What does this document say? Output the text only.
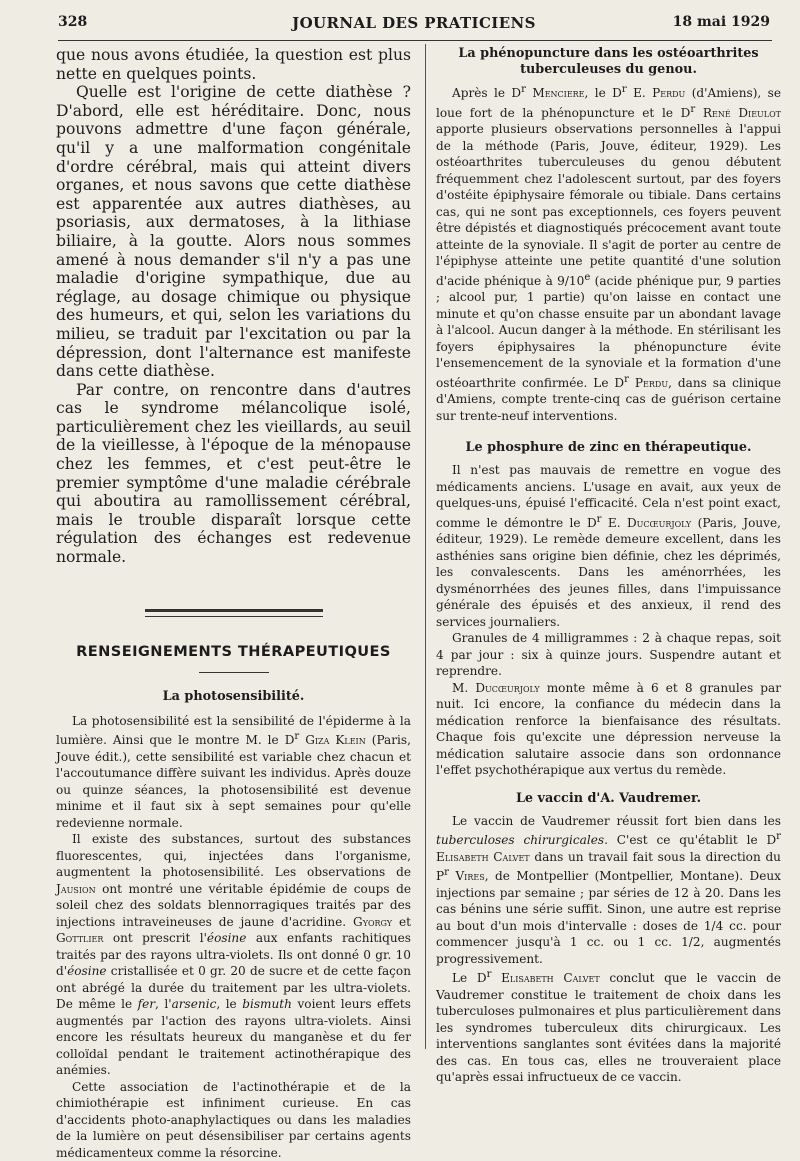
328	JOURNAL DES PRATICIENS	18 mai 1929

que nous avons étudiée, la question est plus nette en quelques points.

Quelle est l'origine de cette diathèse ? D'abord, elle est héréditaire. Donc, nous pouvons admettre d'une façon générale, qu'il y a une malformation congénitale d'ordre cérébral, mais qui atteint divers organes, et nous savons que cette diathèse est apparentée aux autres diathèses, au psoriasis, aux dermatoses, à la lithiase biliaire, à la goutte. Alors nous sommes amené à nous demander s'il n'y a pas une maladie d'origine sympathique, due au réglage, au dosage chimique ou physique des humeurs, et qui, selon les variations du milieu, se traduit par l'excitation ou par la dépression, dont l'alternance est manifeste dans cette diathèse.

Par contre, on rencontre dans d'autres cas le syndrome mélancolique isolé, particulièrement chez les vieillards, au seuil de la vieillesse, à l'époque de la ménopause chez les femmes, et c'est peut-être le premier symptôme d'une maladie cérébrale qui aboutira au ramollissement cérébral, mais le trouble disparaît lorsque cette régulation des échanges est redevenue normale.

RENSEIGNEMENTS THÉRAPEUTIQUES
La photosensibilité.

La photosensibilité est la sensibilité de l'épiderme à la lumière. Ainsi que le montre M. le $D^r$ Giza Klein (Paris, Jouve édit.), cette sensibilité est variable chez chacun et l'accoutumance diffère suivant les individus. Après douze ou quinze séances, la photosensibilité est devenue minime et il faut six à sept semaines pour qu'elle redevienne normale.

Il existe des substances, surtout des substances fluorescentes, qui, injectées dans l'organisme, augmentent la photosensibilité. Les observations de Jausion ont montré une véritable épidémie de coups de soleil chez des soldats blennorragiques traités par des injections intraveineuses de jaune d'acridine. Gyorgy et Gottlier ont prescrit l'éosine aux enfants rachitiques traités par des rayons ultra-violets. Ils ont donné 0 gr. 10 d'éosine cristallisée et 0 gr. 20 de sucre et de cette façon ont abrégé la durée du traitement par les ultra-violets. De même le fer, l'arsenic, le bismuth voient leurs effets augmentés par l'action des rayons ultra-violets. Ainsi encore les résultats heureux du manganèse et du fer colloïdal pendant le traitement actinothérapique des anémies.

Cette association de l'actinothérapie et de la chimiothérapie est infiniment curieuse. En cas d'accidents photo-anaphylactiques ou dans les maladies de la lumière on peut désensibiliser par certains agents médicamenteux comme la résorcine.

La phénopuncture dans les ostéoarthrites
tuberculeuses du genou.

Après le $D^r$ Menciere, le $D^r$ E. Perdu (d'Amiens), se loue fort de la phénopuncture et le $D^r$ René Dieulot apporte plusieurs observations personnelles à l'appui de la méthode (Paris, Jouve, éditeur, 1929). Les ostéoarthrites tuberculeuses du genou débutent fréquemment chez l'adolescent surtout, par des foyers d'ostéite épiphysaire fémorale ou tibiale. Dans certains cas, qui ne sont pas exceptionnels, ces foyers peuvent être dépistés et diagnostiqués précocement avant toute atteinte de la synoviale. Il s'agit de porter au centre de l'épiphyse atteinte une petite quantité d'une solution d'acide phénique à 9/10e (acide phénique pur, 9 parties ; alcool pur, 1 partie) qu'on laisse en contact une minute et qu'on chasse ensuite par un abondant lavage à l'alcool. Aucun danger à la méthode. En stérilisant les foyers épiphysaires la phénopuncture évite l'ensemencement de la synoviale et la formation d'une ostéoarthrite confirmée. Le $D^r$ Perdu, dans sa clinique d'Amiens, compte trente-cinq cas de guérison certaine sur trente-neuf interventions.

Le phosphure de zinc en thérapeutique.

Il n'est pas mauvais de remettre en vogue des médicaments anciens. L'usage en avait, aux yeux de quelques-uns, épuisé l'efficacité. Cela n'est point exact, comme le démontre le $D^r$ E. Ducœurjoly (Paris, Jouve, éditeur, 1929). Le remède demeure excellent, dans les asthénies sans origine bien définie, chez les déprimés, les convalescents. Dans les aménorrhées, les dysménorrhées des jeunes filles, dans l'impuissance générale des épuisés et des anxieux, il rend des services journaliers.

Granules de 4 milligrammes : 2 à chaque repas, soit 4 par jour : six à quinze jours. Suspendre autant et reprendre.

M. Ducœurjoly monte même à 6 et 8 granules par nuit. Ici encore, la confiance du médecin dans la médication renforce la bienfaisance des résultats. Chaque fois qu'excite une dépression nerveuse la médication salutaire associe dans son ordonnance l'effet psychothérapique aux vertus du remède.

Le vaccin d'A. Vaudremer.

Le vaccin de Vaudremer réussit fort bien dans les tuberculoses chirurgicales. C'est ce qu'établit le $D^r$ Elisabeth Calvet dans un travail fait sous la direction du $P^r$ Vires, de Montpellier (Montpellier, Montane). Deux injections par semaine ; par séries de 12 à 20. Dans les cas bénins une série suffit. Sinon, une autre est reprise au bout d'un mois d'intervalle : doses de 1/4 cc. pour commencer jusqu'à 1 cc. ou 1 cc. 1/2, augmentés progressivement.

Le $D^r$ Elisabeth Calvet conclut que le vaccin de Vaudremer constitue le traitement de choix dans les tuberculoses pulmonaires et plus particulièrement dans les syndromes tuberculeux dits chirurgicaux. Les interventions sanglantes sont évitées dans la majorité des cas. En tous cas, elles ne trouveraient place qu'après essai infructueux de ce vaccin.
